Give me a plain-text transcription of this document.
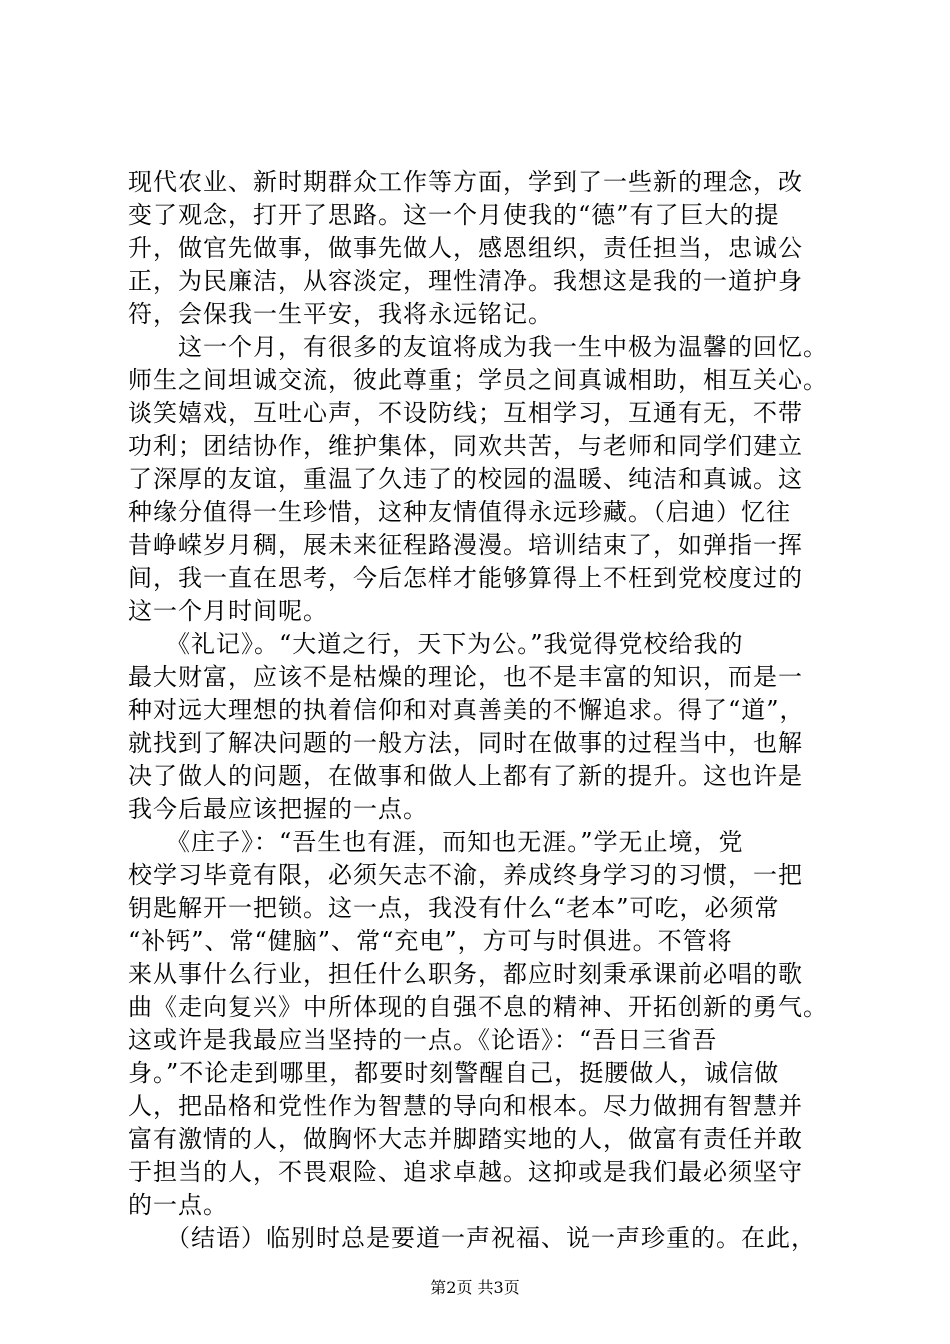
现代农业、新时期群众工作等方面，学到了一些新的理念，改

变了观念，打开了思路。这一个月使我的“德”有了巨大的提

升，做官先做事，做事先做人，感恩组织，责任担当，忠诚公

正，为民廉洁，从容淡定，理性清净。我想这是我的一道护身

符，会保我一生平安，我将永远铭记。

　　这一个月，有很多的友谊将成为我一生中极为温馨的回忆。

师生之间坦诚交流，彼此尊重；学员之间真诚相助，相互关心。

谈笑嬉戏，互吐心声，不设防线；互相学习，互通有无，不带

功利；团结协作，维护集体，同欢共苦，与老师和同学们建立

了深厚的友谊，重温了久违了的校园的温暖、纯洁和真诚。这

种缘分值得一生珍惜，这种友情值得永远珍藏。（启迪）忆往

昔峥嵘岁月稠，展未来征程路漫漫。培训结束了，如弹指一挥

间，我一直在思考，今后怎样才能够算得上不枉到党校度过的

这一个月时间呢。

　　《礼记》。“大道之行，天下为公。”我觉得党校给我的

最大财富，应该不是枯燥的理论，也不是丰富的知识，而是一

种对远大理想的执着信仰和对真善美的不懈追求。得了“道”，

就找到了解决问题的一般方法，同时在做事的过程当中，也解

决了做人的问题，在做事和做人上都有了新的提升。这也许是

我今后最应该把握的一点。

　　《庄子》：“吾生也有涯，而知也无涯。”学无止境，党

校学习毕竟有限，必须矢志不渝，养成终身学习的习惯，一把

钥匙解开一把锁。这一点，我没有什么“老本”可吃，必须常

“补钙”、常“健脑”、常“充电”，方可与时俱进。不管将

来从事什么行业，担任什么职务，都应时刻秉承课前必唱的歌

曲《走向复兴》中所体现的自强不息的精神、开拓创新的勇气。

这或许是我最应当坚持的一点。《论语》：“吾日三省吾

身。”不论走到哪里，都要时刻警醒自己，挺腰做人，诚信做

人，把品格和党性作为智慧的导向和根本。尽力做拥有智慧并

富有激情的人，做胸怀大志并脚踏实地的人，做富有责任并敢

于担当的人，不畏艰险、追求卓越。这抑或是我们最必须坚守

的一点。

　　（结语）临别时总是要道一声祝福、说一声珍重的。在此，

第2页 共3页
